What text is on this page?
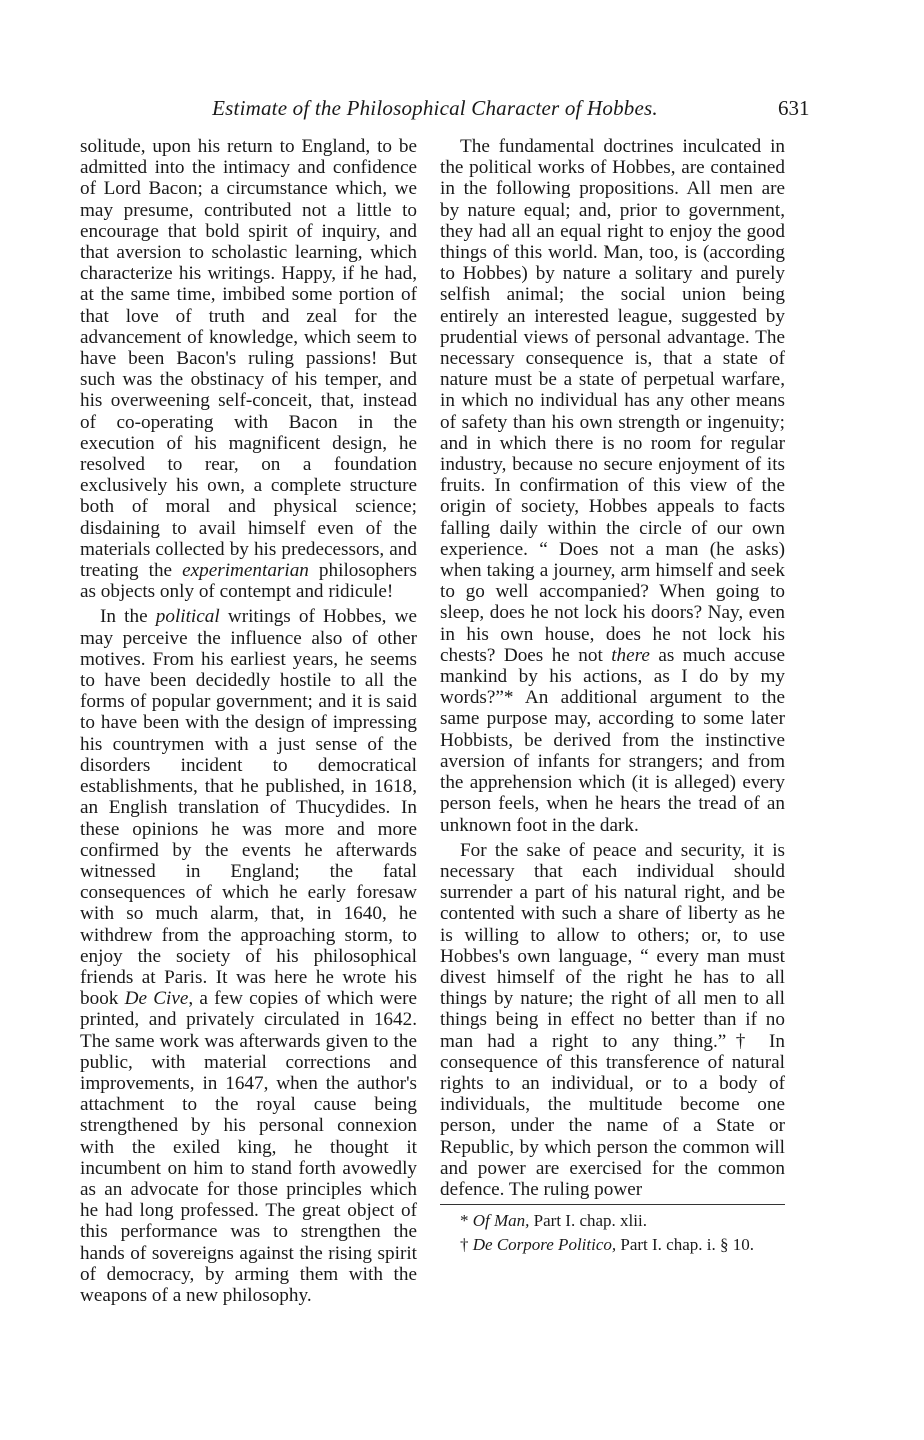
Estimate of the Philosophical Character of Hobbes.	631

solitude, upon his return to England, to be admitted into the intimacy and confidence of Lord Bacon; a circumstance which, we may presume, contributed not a little to encourage that bold spirit of inquiry, and that aversion to scholastic learning, which characterize his writings. Happy, if he had, at the same time, imbibed some portion of that love of truth and zeal for the advancement of knowledge, which seem to have been Bacon's ruling passions! But such was the obstinacy of his temper, and his overweening self-conceit, that, instead of co-operating with Bacon in the execution of his magnificent design, he resolved to rear, on a foundation exclusively his own, a complete structure both of moral and physical science; disdaining to avail himself even of the materials collected by his predecessors, and treating the experimentarian philosophers as objects only of contempt and ridicule!

In the political writings of Hobbes, we may perceive the influence also of other motives. From his earliest years, he seems to have been decidedly hostile to all the forms of popular government; and it is said to have been with the design of impressing his countrymen with a just sense of the disorders incident to democratical establishments, that he published, in 1618, an English translation of Thucydides. In these opinions he was more and more confirmed by the events he afterwards witnessed in England; the fatal consequences of which he early foresaw with so much alarm, that, in 1640, he withdrew from the approaching storm, to enjoy the society of his philosophical friends at Paris. It was here he wrote his book De Cive, a few copies of which were printed, and privately circulated in 1642. The same work was afterwards given to the public, with material corrections and improvements, in 1647, when the author's attachment to the royal cause being strengthened by his personal connexion with the exiled king, he thought it incumbent on him to stand forth avowedly as an advocate for those principles which he had long professed. The great object of this performance was to strengthen the hands of sovereigns against the rising spirit of democracy, by arming them with the weapons of a new philosophy.

The fundamental doctrines inculcated in the political works of Hobbes, are contained in the following propositions. All men are by nature equal; and, prior to government, they had all an equal right to enjoy the good things of this world. Man, too, is (according to Hobbes) by nature a solitary and purely selfish animal; the social union being entirely an interested league, suggested by prudential views of personal advantage. The necessary consequence is, that a state of nature must be a state of perpetual warfare, in which no individual has any other means of safety than his own strength or ingenuity; and in which there is no room for regular industry, because no secure enjoyment of its fruits. In confirmation of this view of the origin of society, Hobbes appeals to facts falling daily within the circle of our own experience. “ Does not a man (he asks) when taking a journey, arm himself and seek to go well accompanied? When going to sleep, does he not lock his doors? Nay, even in his own house, does he not lock his chests? Does he not there as much accuse mankind by his actions, as I do by my words?”* An additional argument to the same purpose may, according to some later Hobbists, be derived from the instinctive aversion of infants for strangers; and from the apprehension which (it is alleged) every person feels, when he hears the tread of an unknown foot in the dark.

For the sake of peace and security, it is necessary that each individual should surrender a part of his natural right, and be contented with such a share of liberty as he is willing to allow to others; or, to use Hobbes's own language, “ every man must divest himself of the right he has to all things by nature; the right of all men to all things being in effect no better than if no man had a right to any thing.”† In consequence of this transference of natural rights to an individual, or to a body of individuals, the multitude become one person, under the name of a State or Republic, by which person the common will and power are exercised for the common defence. The ruling power

* Of Man, Part I. chap. xlii.

† De Corpore Politico, Part I. chap. i. § 10.
